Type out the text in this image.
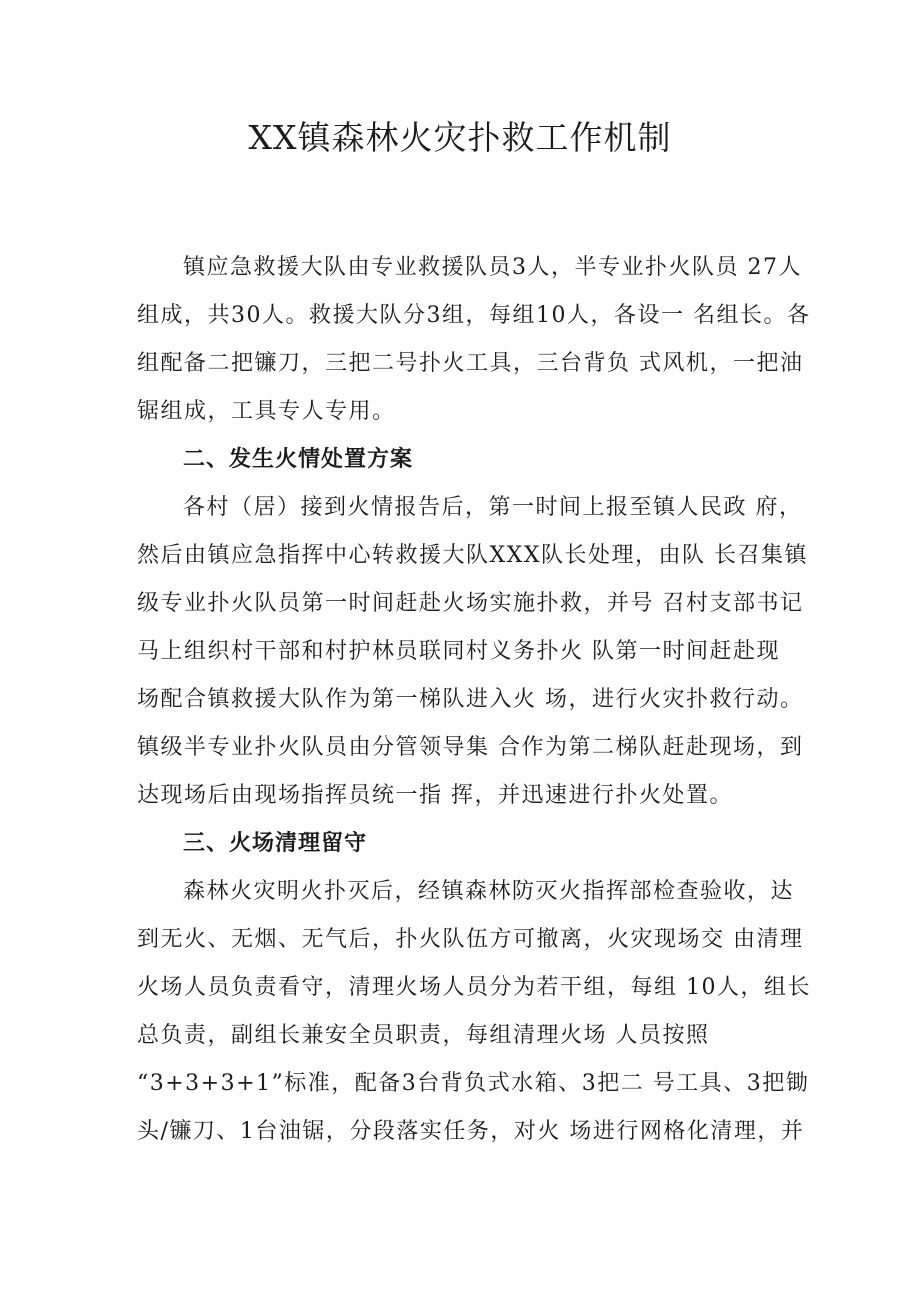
XX镇森林火灾扑救工作机制

镇应急救援大队由专业救援队员3人，半专业扑火队员 27人
组成，共30人。救援大队分3组，每组10人，各设一 名组长。各
组配备二把镰刀，三把二号扑火工具，三台背负 式风机，一把油
锯组成，工具专人专用。

二、发生火情处置方案

各村（居）接到火情报告后，第一时间上报至镇人民政 府，
然后由镇应急指挥中心转救援大队XXX队长处理，由队 长召集镇
级专业扑火队员第一时间赶赴火场实施扑救，并号 召村支部书记
马上组织村干部和村护林员联同村义务扑火 队第一时间赶赴现
场配合镇救援大队作为第一梯队进入火 场，进行火灾扑救行动。
镇级半专业扑火队员由分管领导集 合作为第二梯队赶赴现场，到
达现场后由现场指挥员统一指 挥，并迅速进行扑火处置。

三、火场清理留守

森林火灾明火扑灭后，经镇森林防灭火指挥部检查验收，达
到无火、无烟、无气后，扑火队伍方可撤离，火灾现场交 由清理
火场人员负责看守，清理火场人员分为若干组，每组 10人，组长
总负责，副组长兼安全员职责，每组清理火场 人员按照
“3+3+3+1”标准，配备3台背负式水箱、3把二 号工具、3把锄
头/镰刀、1台油锯，分段落实任务，对火 场进行网格化清理，并
